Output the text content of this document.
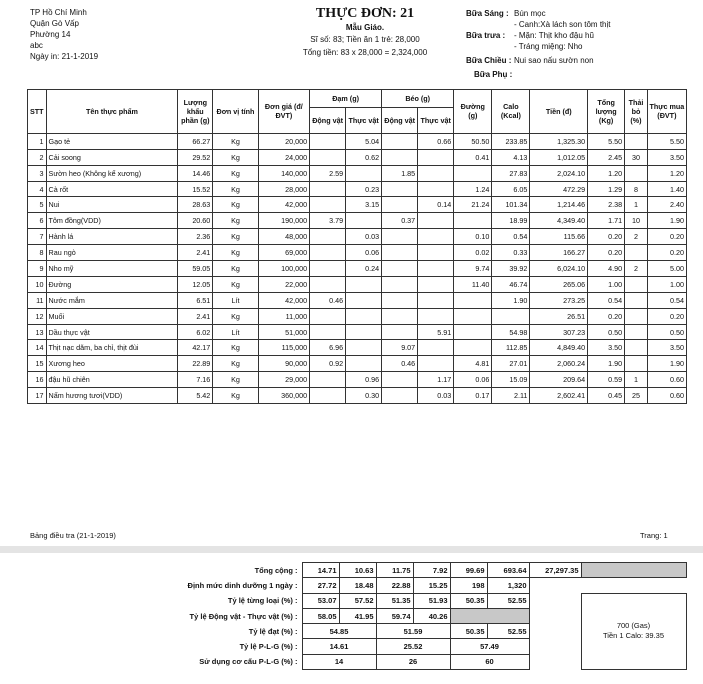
TP Hồ Chí Minh
Quận Gò Vấp
Phường 14
abc
Ngày in: 21-1-2019
THỰC ĐƠN: 21
Mẫu Giáo.
Sĩ số: 83; Tiền ăn 1 trẻ: 28,000
Tổng tiền: 83 x 28,000 = 2,324,000
Bữa Sáng : Bún mọc
- Canh:Xà lách son tôm thịt
Bữa trưa :	- Mặn: Thịt kho đậu hũ
- Tráng miệng: Nho
Bữa Chiều : Nui sao nấu sườn non
Bữa Phụ :
STT	Tên thực phẩm	Lượng khẩu phần (g)	Đơn vị tính	Đơn giá (đ/ĐVT)	Đạm (g)		Béo (g)		Đường (g)	Calo (Kcal)	Tiền (đ)	Tổng lượng (Kg)	Thải bỏ (%)	Thực mua (ĐVT)
					Động vật	Thực vật	Động vật	Thực vật						
1	Gạo tẻ	66.27	Kg	20,000		5.04		0.66	50.50	233.85	1,325.30	5.50		5.50
2	Cải soong	29.52	Kg	24,000		0.62			0.41	4.13	1,012.05	2.45	30	3.50
3	Sườn heo (Không kể xương)	14.46	Kg	140,000	2.59		1.85			27.83	2,024.10	1.20		1.20
4	Cà rốt	15.52	Kg	28,000		0.23			1.24	6.05	472.29	1.29	8	1.40
5	Nui	28.63	Kg	42,000		3.15		0.14	21.24	101.34	1,214.46	2.38	1	2.40
6	Tôm đồng(VDD)	20.60	Kg	190,000	3.79		0.37			18.99	4,349.40	1.71	10	1.90
7	Hành lá	2.36	Kg	48,000		0.03			0.10	0.54	115.66	0.20	2	0.20
8	Rau ngò	2.41	Kg	69,000		0.06			0.02	0.33	166.27	0.20		0.20
9	Nho mỹ	59.05	Kg	100,000		0.24			9.74	39.92	6,024.10	4.90	2	5.00
10	Đường	12.05	Kg	22,000					11.40	46.74	265.06	1.00		1.00
11	Nước mắm	6.51	Lít	42,000	0.46					1.90	273.25	0.54		0.54
12	Muối	2.41	Kg	11,000							26.51	0.20		0.20
13	Dầu thực vật	6.02	Lít	51,000				5.91		54.98	307.23	0.50		0.50
14	Thịt nạc dăm, ba chỉ, thịt đùi	42.17	Kg	115,000	6.96		9.07			112.85	4,849.40	3.50		3.50
15	Xương heo	22.89	Kg	90,000	0.92		0.46		4.81	27.01	2,060.24	1.90		1.90
16	đậu hũ chiên	7.16	Kg	29,000		0.96		1.17	0.06	15.09	209.64	0.59	1	0.60
17	Nấm hương tươi(VDD)	5.42	Kg	360,000		0.30		0.03	0.17	2.11	2,602.41	0.45	25	0.60
Bảng điều tra (21-1-2019)	Trang: 1
Tổng cộng :	14.71	10.63	11.75	7.92	99.69	693.64	27,297.35	
Định mức dinh dưỡng 1 ngày :	27.72	18.48	22.88	15.25	198	1,320		
Tỷ lệ từng loại (%) :	53.07	57.52	51.35	51.93	50.35	52.55		700 (Gas)
Tiền 1 Calo: 39.35

Tỷ lệ Động vật - Thực vật (%) :	58.05	41.95	59.74	40.26				
Tỷ lệ đạt (%) :	54.85		51.59		50.35	52.55		
Tỷ lệ P-L-G (%) :	14.61		25.52		57.49			
Sử dụng cơ cấu P-L-G (%) :	14		26		60			
